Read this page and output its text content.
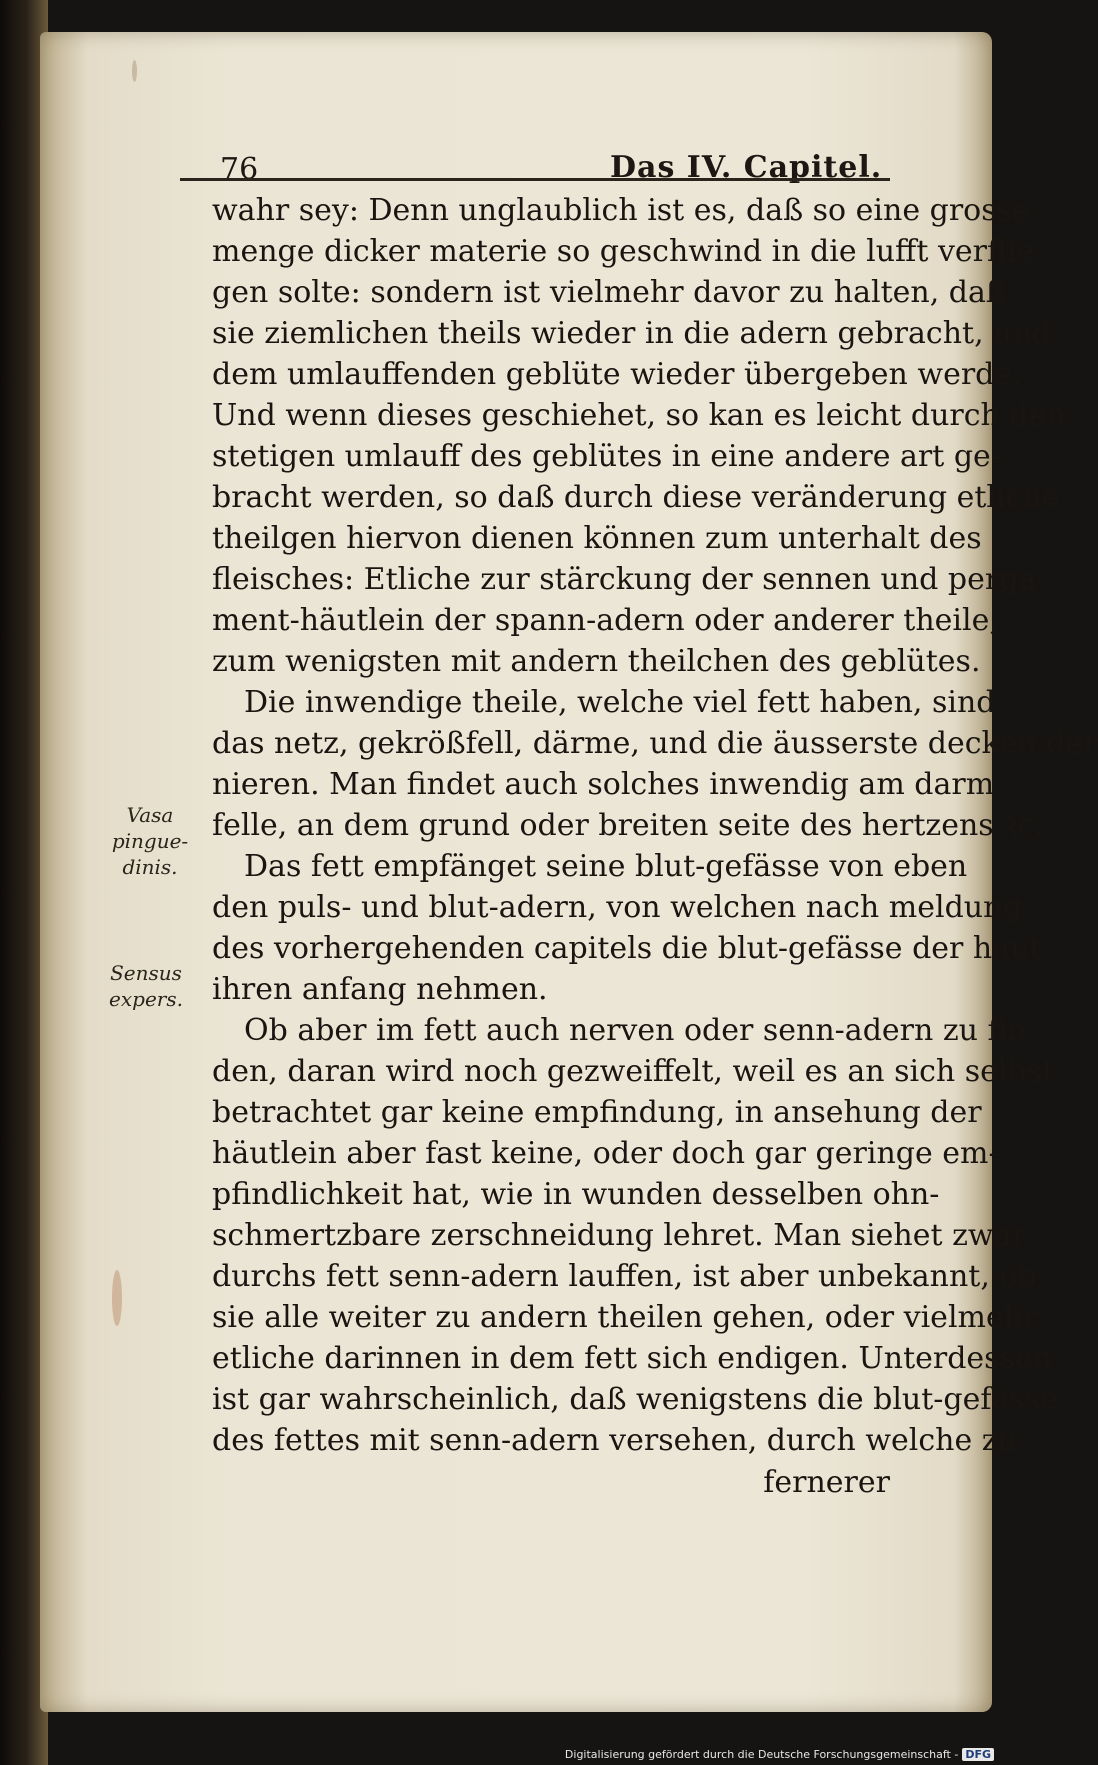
76	Das IV. Capitel.
Vasa
pingue-
dinis.
Sensus
expers.
wahr sey: Denn unglaublich ist es, daß so eine grosse
menge dicker materie so geschwind in die lufft verflie-
gen solte: sondern ist vielmehr davor zu halten, daß
sie ziemlichen theils wieder in die adern gebracht, und
dem umlauffenden geblüte wieder übergeben werde.
Und wenn dieses geschiehet, so kan es leicht durch den
stetigen umlauff des geblütes in eine andere art ge-
bracht werden, so daß durch diese veränderung etliche
theilgen hiervon dienen können zum unterhalt des
fleisches: Etliche zur stärckung der sennen und perga-
ment-häutlein der spann-adern oder anderer theile,
zum wenigsten mit andern theilchen des geblütes.
Die inwendige theile, welche viel fett haben, sind
das netz, gekrößfell, därme, und die äusserste decken der
nieren. Man findet auch solches inwendig am darm-
felle, an dem grund oder breiten seite des hertzens ꝛc.
Das fett empfänget seine blut-gefässe von eben
den puls- und blut-adern, von welchen nach meldung
des vorhergehenden capitels die blut-gefässe der haut
ihren anfang nehmen.
Ob aber im fett auch nerven oder senn-adern zu fin-
den, daran wird noch gezweiffelt, weil es an sich selbst
betrachtet gar keine empfindung, in ansehung der
häutlein aber fast keine, oder doch gar geringe em-
pfindlichkeit hat, wie in wunden desselben ohn-
schmertzbare zerschneidung lehret. Man siehet zwar
durchs fett senn-adern lauffen, ist aber unbekannt, ob
sie alle weiter zu andern theilen gehen, oder vielmehr
etliche darinnen in dem fett sich endigen. Unterdessen
ist gar wahrscheinlich, daß wenigstens die blut-gefässe
des fettes mit senn-adern versehen, durch welche zu
fernerer
Digitalisierung gefördert durch die Deutsche Forschungsgemeinschaft - DFG
